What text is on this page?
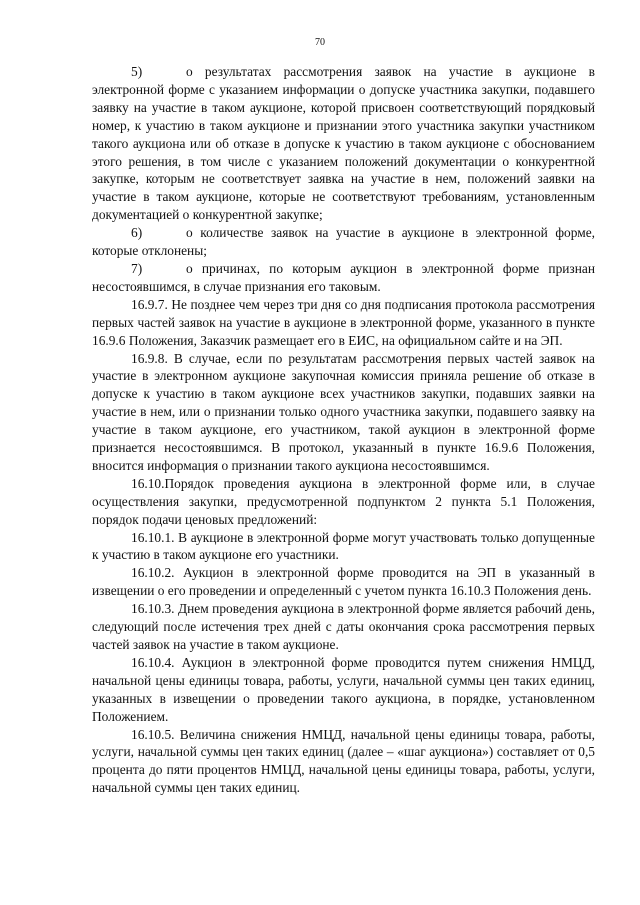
70

5)	о результатах рассмотрения заявок на участие в аукционе в электронной форме с указанием информации о допуске участника закупки, подавшего заявку на участие в таком аукционе, которой присвоен соответствующий порядковый номер, к участию в таком аукционе и признании этого участника закупки участником такого аукциона или об отказе в допуске к участию в таком аукционе с обоснованием этого решения, в том числе с указанием положений документации о конкурентной закупке, которым не соответствует заявка на участие в нем, положений заявки на участие в таком аукционе, которые не соответствуют требованиям, установленным документацией о конкурентной закупке;

6)	о количестве заявок на участие в аукционе в электронной форме, которые отклонены;

7)	о причинах, по которым аукцион в электронной форме признан несостоявшимся, в случае признания его таковым.

16.9.7. Не позднее чем через три дня со дня подписания протокола рассмотрения первых частей заявок на участие в аукционе в электронной форме, указанного в пункте 16.9.6 Положения, Заказчик размещает его в ЕИС, на официальном сайте и на ЭП.

16.9.8. В случае, если по результатам рассмотрения первых частей заявок на участие в электронном аукционе закупочная комиссия приняла решение об отказе в допуске к участию в таком аукционе всех участников закупки, подавших заявки на участие в нем, или о признании только одного участника закупки, подавшего заявку на участие в таком аукционе, его участником, такой аукцион в электронной форме признается несостоявшимся. В протокол, указанный в пункте 16.9.6 Положения, вносится информация о признании такого аукциона несостоявшимся.

16.10.Порядок проведения аукциона в электронной форме или, в случае осуществления закупки, предусмотренной подпунктом 2 пункта 5.1 Положения, порядок подачи ценовых предложений:

16.10.1. В аукционе в электронной форме могут участвовать только допущенные к участию в таком аукционе его участники.

16.10.2. Аукцион в электронной форме проводится на ЭП в указанный в извещении о его проведении и определенный с учетом пункта 16.10.3 Положения день.

16.10.3. Днем проведения аукциона в электронной форме является рабочий день, следующий после истечения трех дней с даты окончания срока рассмотрения первых частей заявок на участие в таком аукционе.

16.10.4. Аукцион в электронной форме проводится путем снижения НМЦД, начальной цены единицы товара, работы, услуги, начальной суммы цен таких единиц, указанных в извещении о проведении такого аукциона, в порядке, установленном Положением.

16.10.5. Величина снижения НМЦД, начальной цены единицы товара, работы, услуги, начальной суммы цен таких единиц (далее – «шаг аукциона») составляет от 0,5 процента до пяти процентов НМЦД, начальной цены единицы товара, работы, услуги, начальной суммы цен таких единиц.
